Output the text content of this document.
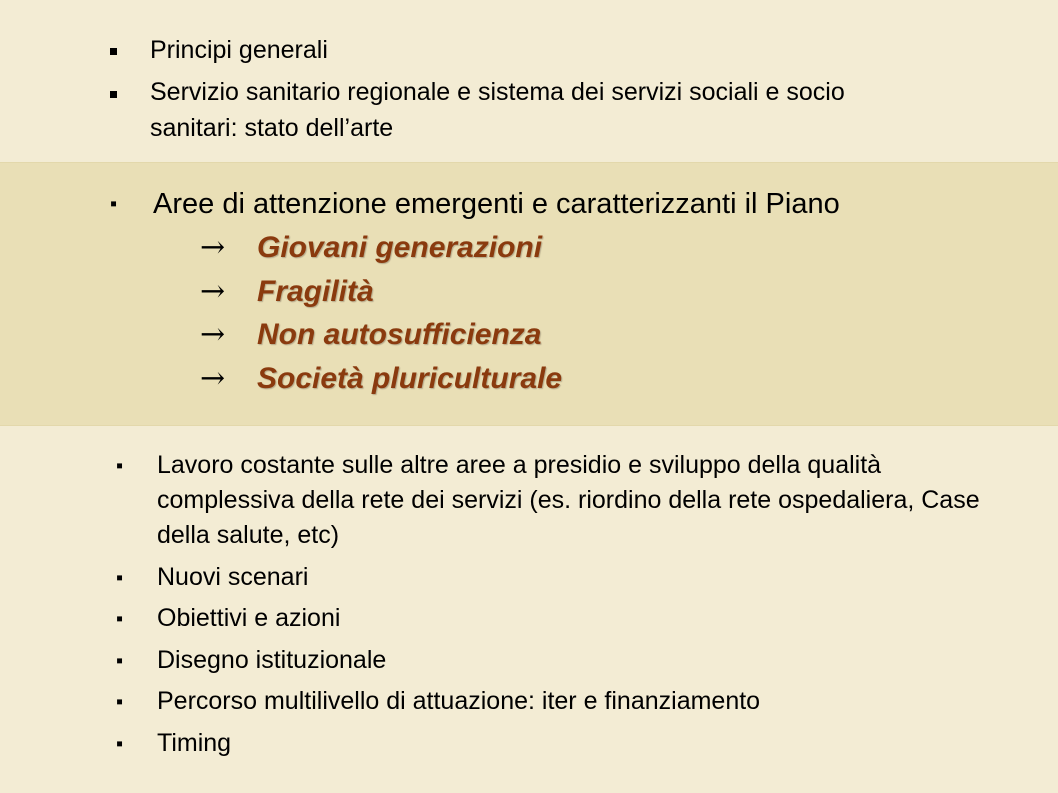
Principi generali
Servizio sanitario regionale e sistema dei servizi sociali e socio sanitari: stato dell’arte
▪ Aree di attenzione emergenti e caratterizzanti il Piano
→ Giovani generazioni
→ Fragilità
→ Non autosufficienza
→ Società pluriculturale
▪ Lavoro costante sulle altre aree a presidio e sviluppo della qualità complessiva della rete dei servizi (es. riordino della rete ospedaliera, Case della salute, etc)
▪ Nuovi scenari
▪ Obiettivi e azioni
▪ Disegno istituzionale
▪ Percorso multilivello di attuazione: iter e finanziamento
▪ Timing
